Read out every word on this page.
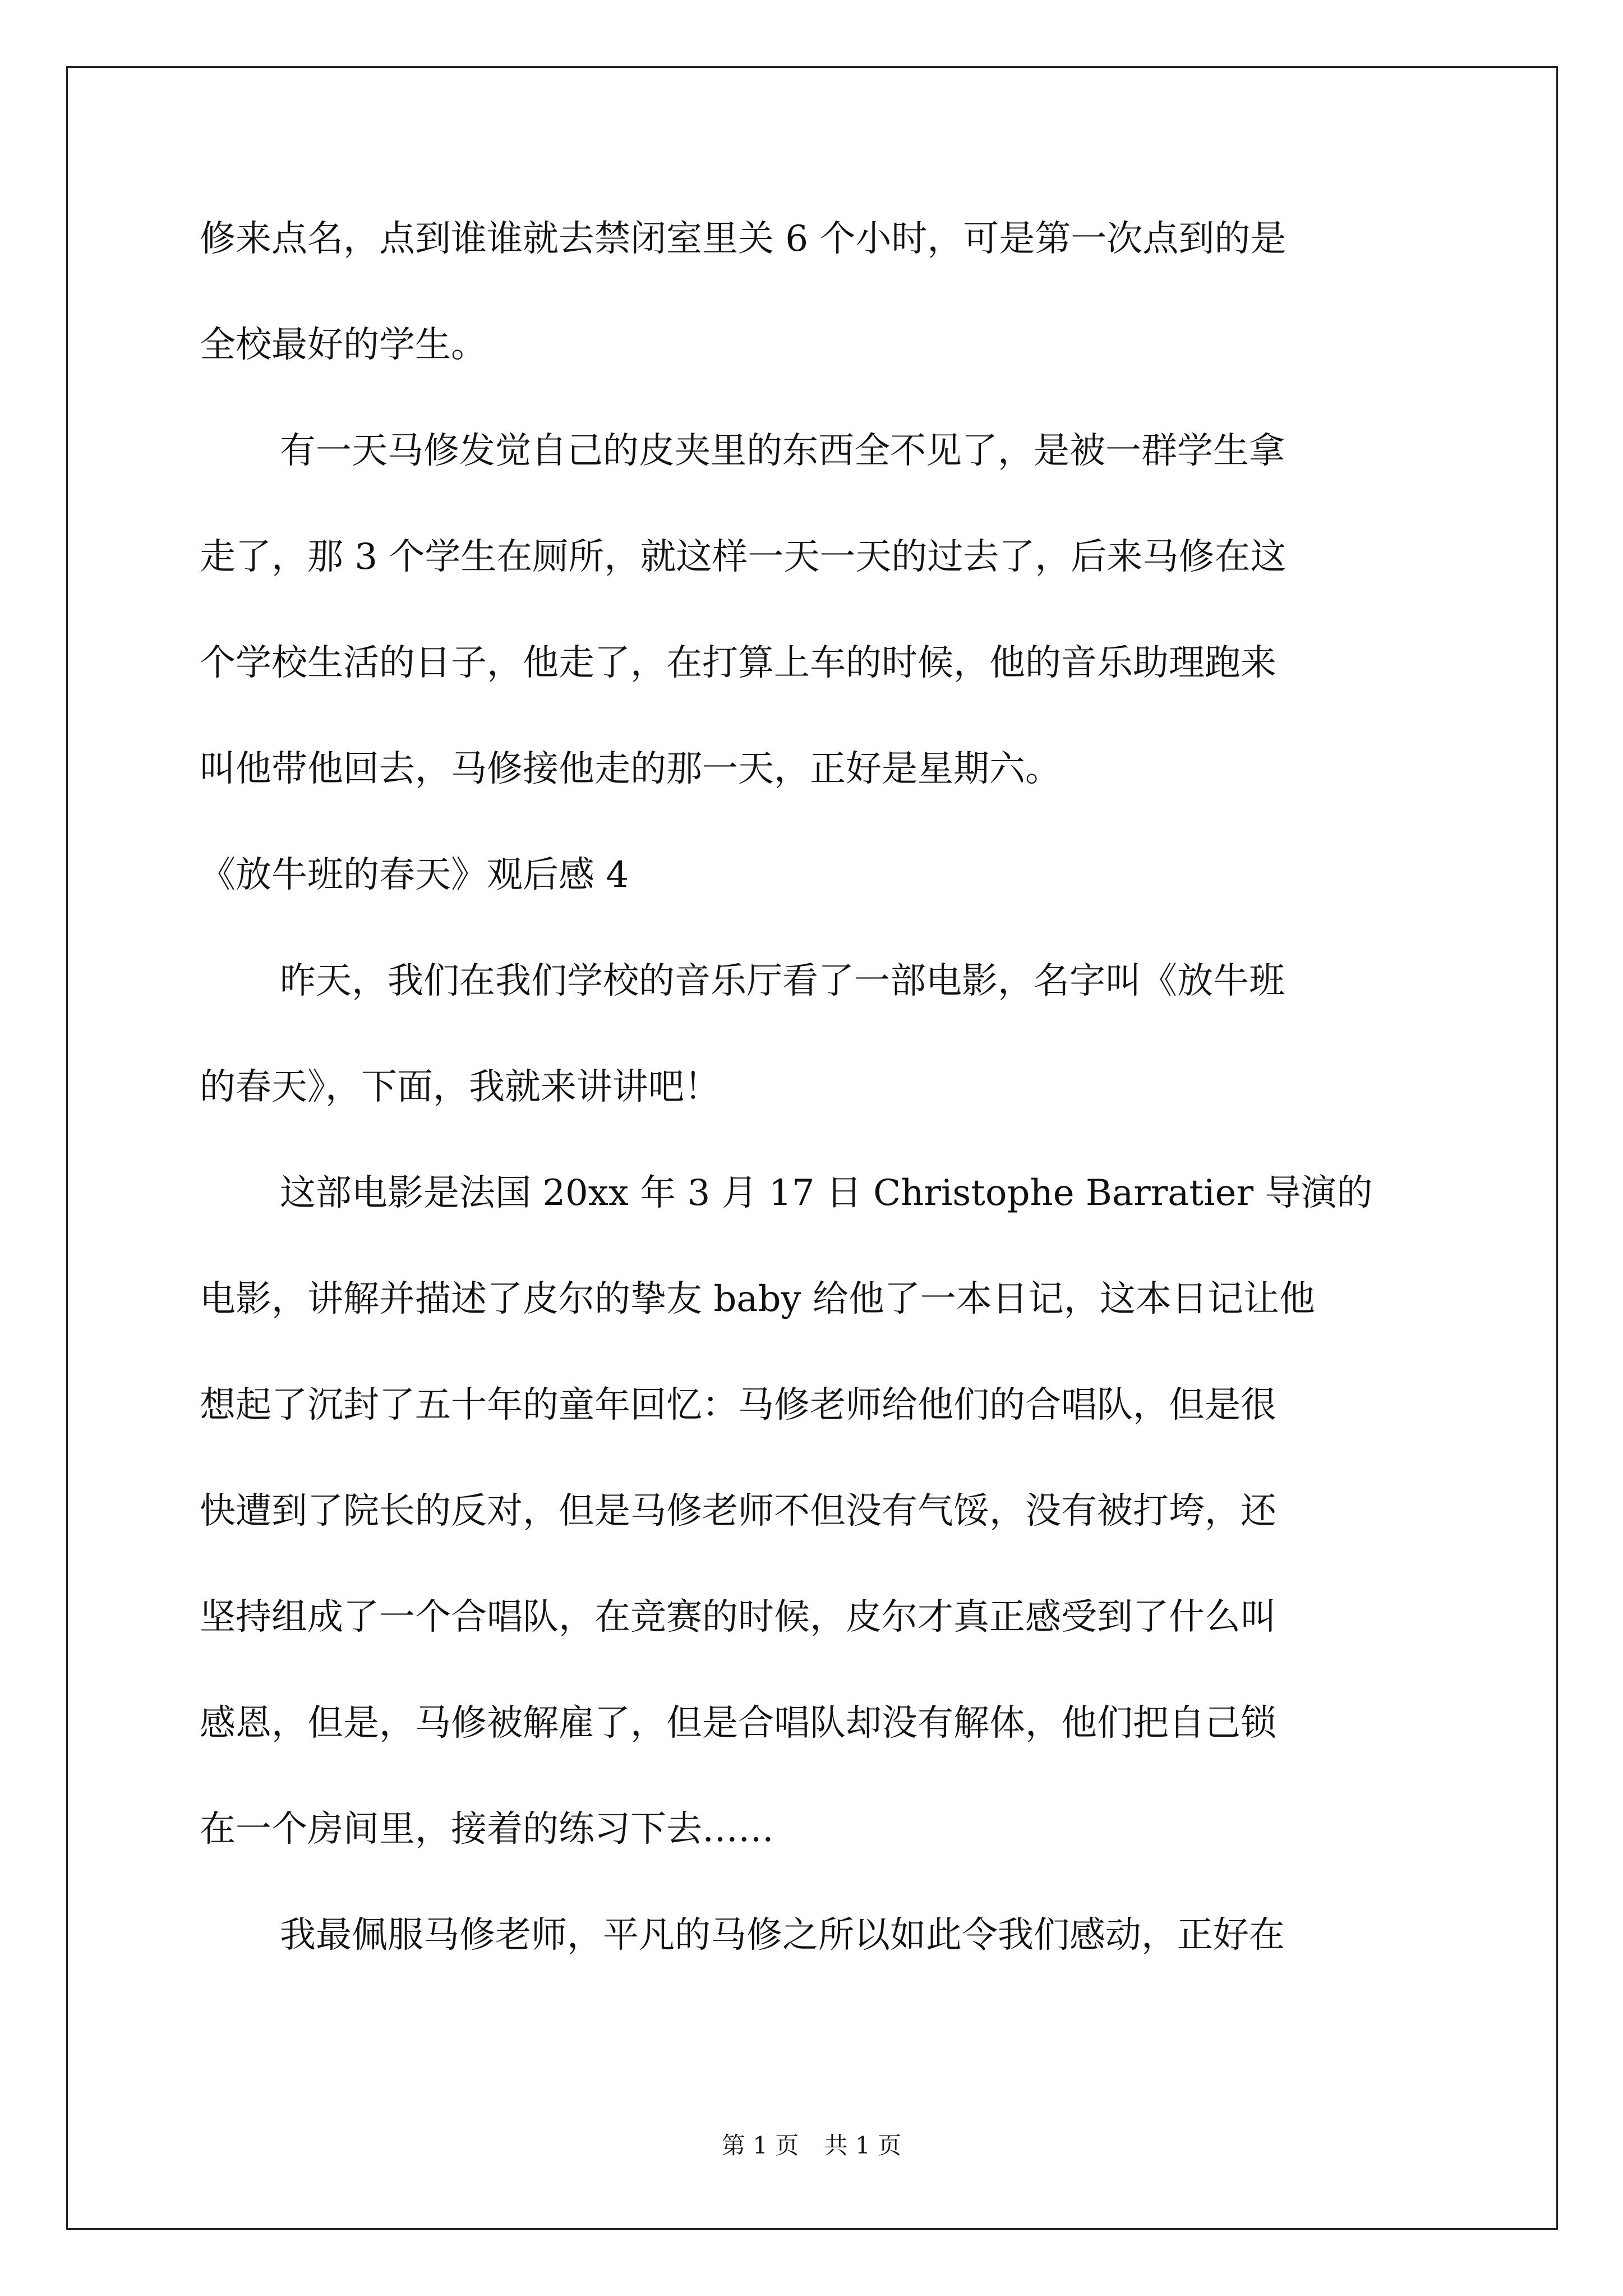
修来点名，点到谁谁就去禁闭室里关 6 个小时，可是第一次点到的是
全校最好的学生。
有一天马修发觉自己的皮夹里的东西全不见了，是被一群学生拿
走了，那 3 个学生在厕所，就这样一天一天的过去了，后来马修在这
个学校生活的日子，他走了，在打算上车的时候，他的音乐助理跑来
叫他带他回去，马修接他走的那一天，正好是星期六。
《放牛班的春天》观后感 4
昨天，我们在我们学校的音乐厅看了一部电影，名字叫《放牛班
的春天》，下面，我就来讲讲吧！
这部电影是法国 20xx 年 3 月 17 日 Christophe Barratier 导演的
电影，讲解并描述了皮尔的挚友 baby 给他了一本日记，这本日记让他
想起了沉封了五十年的童年回忆：马修老师给他们的合唱队，但是很
快遭到了院长的反对，但是马修老师不但没有气馁，没有被打垮，还
坚持组成了一个合唱队，在竞赛的时候，皮尔才真正感受到了什么叫
感恩，但是，马修被解雇了，但是合唱队却没有解体，他们把自己锁
在一个房间里，接着的练习下去……
我最佩服马修老师，平凡的马修之所以如此令我们感动，正好在
第 1 页 共 1 页
